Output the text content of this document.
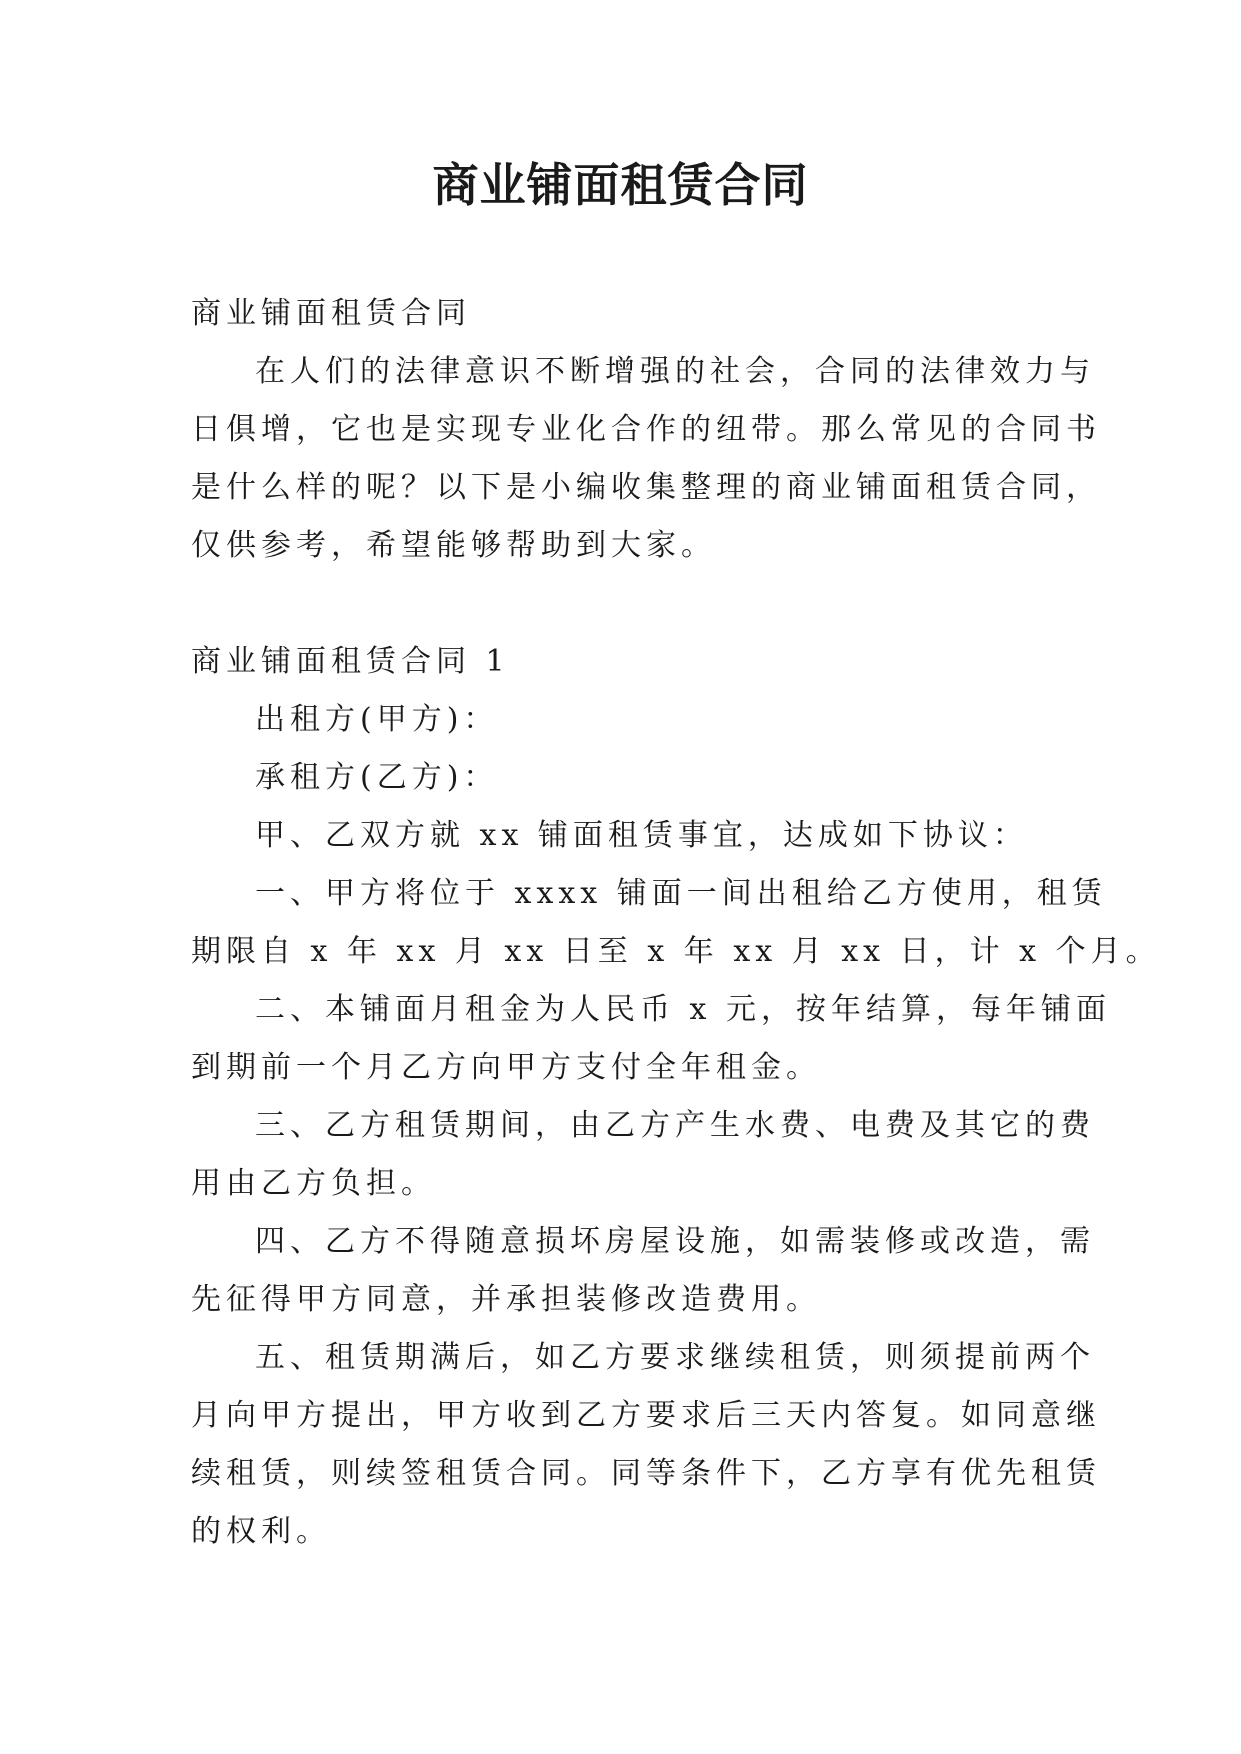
商业铺面租赁合同
商业铺面租赁合同
在人们的法律意识不断增强的社会，合同的法律效力与
日俱增，它也是实现专业化合作的纽带。那么常见的合同书
是什么样的呢？以下是小编收集整理的商业铺面租赁合同，
仅供参考，希望能够帮助到大家。
商业铺面租赁合同 1
出租方(甲方)：
承租方(乙方)：
甲、乙双方就 xx 铺面租赁事宜，达成如下协议：
一、甲方将位于 xxxx 铺面一间出租给乙方使用，租赁
期限自 x 年 xx 月 xx 日至 x 年 xx 月 xx 日，计 x 个月。
二、本铺面月租金为人民币 x 元，按年结算，每年铺面
到期前一个月乙方向甲方支付全年租金。
三、乙方租赁期间，由乙方产生水费、电费及其它的费
用由乙方负担。
四、乙方不得随意损坏房屋设施，如需装修或改造，需
先征得甲方同意，并承担装修改造费用。
五、租赁期满后，如乙方要求继续租赁，则须提前两个
月向甲方提出，甲方收到乙方要求后三天内答复。如同意继
续租赁，则续签租赁合同。同等条件下，乙方享有优先租赁
的权利。
